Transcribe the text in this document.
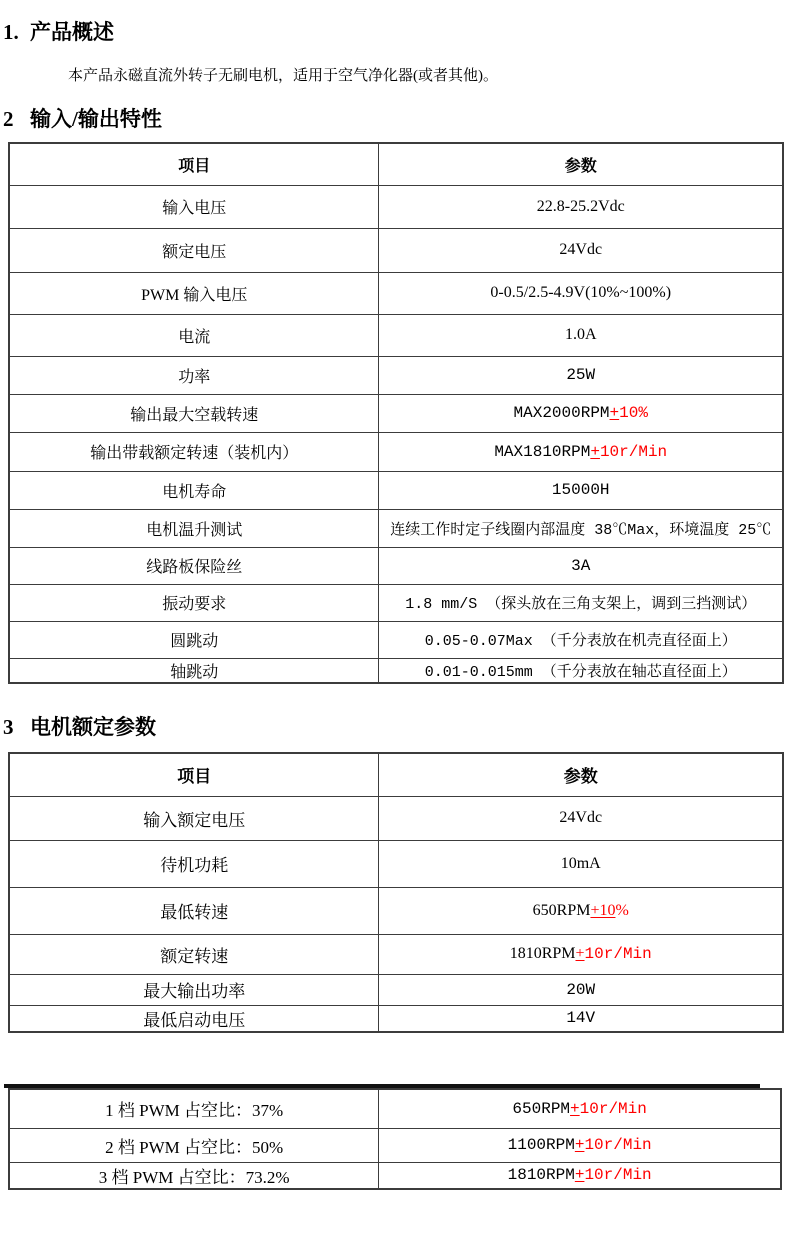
1. 产品概述

本产品永磁直流外转子无刷电机，适用于空气净化器(或者其他)。

2 输入/输出特性
项目	参数
输入电压	22.8-25.2Vdc
额定电压	24Vdc
PWM 输入电压	0-0.5/2.5-4.9V(10%~100%)
电流	1.0A
功率	25W
输出最大空载转速	MAX2000RPM+10%
输出带载额定转速（装机内）	MAX1810RPM+10r/Min
电机寿命	15000H
电机温升测试	连续工作时定子线圈内部温度 38℃Max，环境温度 25℃
线路板保险丝	3A
振动要求	1.8 mm/S （探头放在三角支架上，调到三挡测试）
圆跳动	0.05-0.07Max （千分表放在机壳直径面上）
轴跳动	0.01-0.015mm （千分表放在轴芯直径面上）
3 电机额定参数
项目	参数
输入额定电压	24Vdc
待机功耗	10mA
最低转速	650RPM+10%
额定转速	1810RPM+10r/Min
最大输出功率	20W
最低启动电压	14V
1 档 PWM 占空比：37%	650RPM+10r/Min
2 档 PWM 占空比：50%	1100RPM+10r/Min
3 档 PWM 占空比：73.2%	1810RPM+10r/Min
